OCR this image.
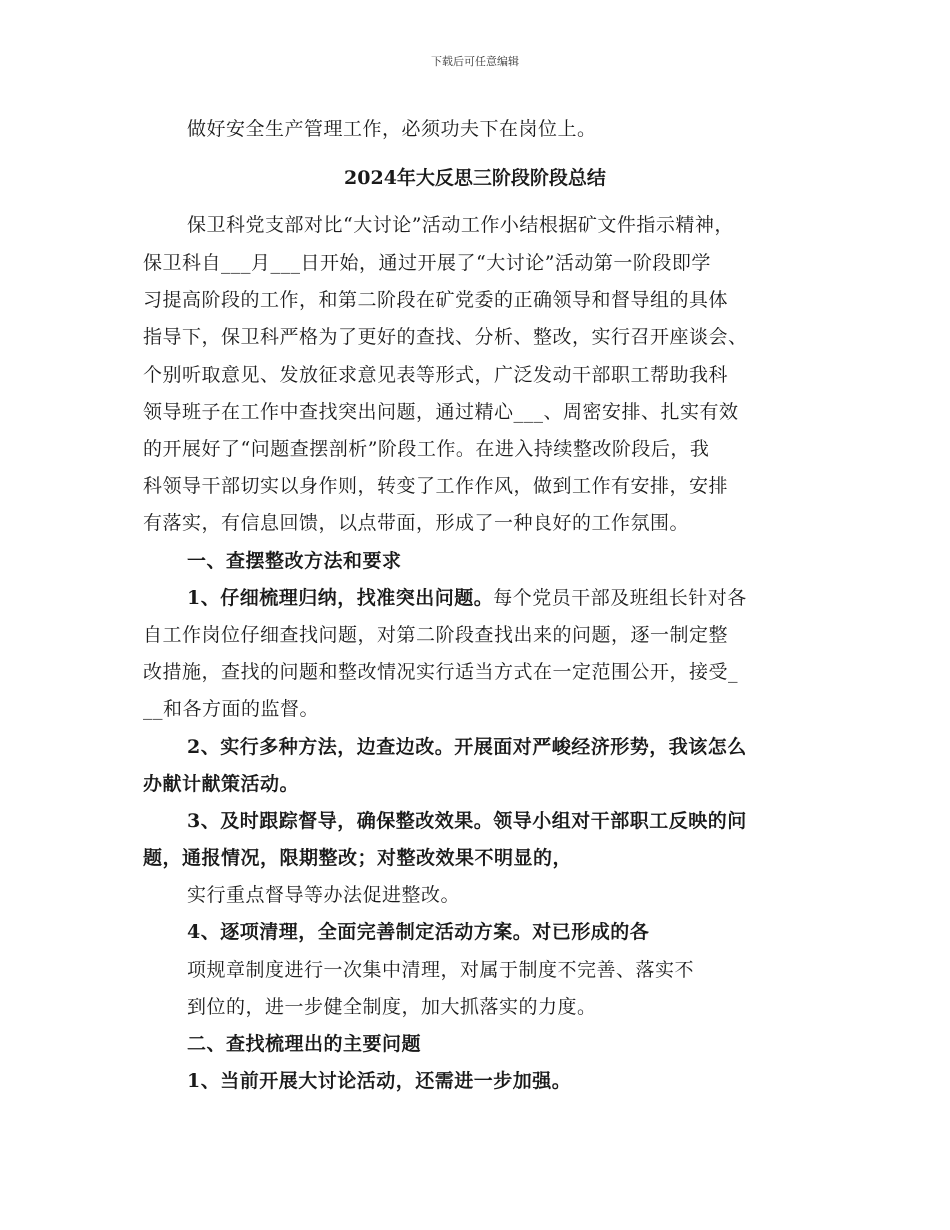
下载后可任意编辑
做好安全生产管理工作，必须功夫下在岗位上。
2024年大反思三阶段阶段总结
保卫科党支部对比“大讨论”活动工作小结根据矿文件指示精神，
保卫科自___月___日开始，通过开展了“大讨论”活动第一阶段即学
习提高阶段的工作，和第二阶段在矿党委的正确领导和督导组的具体
指导下，保卫科严格为了更好的查找、分析、整改，实行召开座谈会、
个别听取意见、发放征求意见表等形式，广泛发动干部职工帮助我科
领导班子在工作中查找突出问题，通过精心___、周密安排、扎实有效
的开展好了“问题查摆剖析”阶段工作。在进入持续整改阶段后，我
科领导干部切实以身作则，转变了工作作风，做到工作有安排，安排
有落实，有信息回馈，以点带面，形成了一种良好的工作氛围。
一、查摆整改方法和要求
1、仔细梳理归纳，找准突出问题。每个党员干部及班组长针对各
自工作岗位仔细查找问题，对第二阶段查找出来的问题，逐一制定整
改措施，查找的问题和整改情况实行适当方式在一定范围公开，接受_
__和各方面的监督。
2、实行多种方法，边查边改。开展面对严峻经济形势，我该怎么
办献计献策活动。
3、及时跟踪督导，确保整改效果。领导小组对干部职工反映的问
题，通报情况，限期整改；对整改效果不明显的，
实行重点督导等办法促进整改。
4、逐项清理，全面完善制定活动方案。对已形成的各
项规章制度进行一次集中清理，对属于制度不完善、落实不
到位的，进一步健全制度，加大抓落实的力度。
二、查找梳理出的主要问题
1、当前开展大讨论活动，还需进一步加强。
